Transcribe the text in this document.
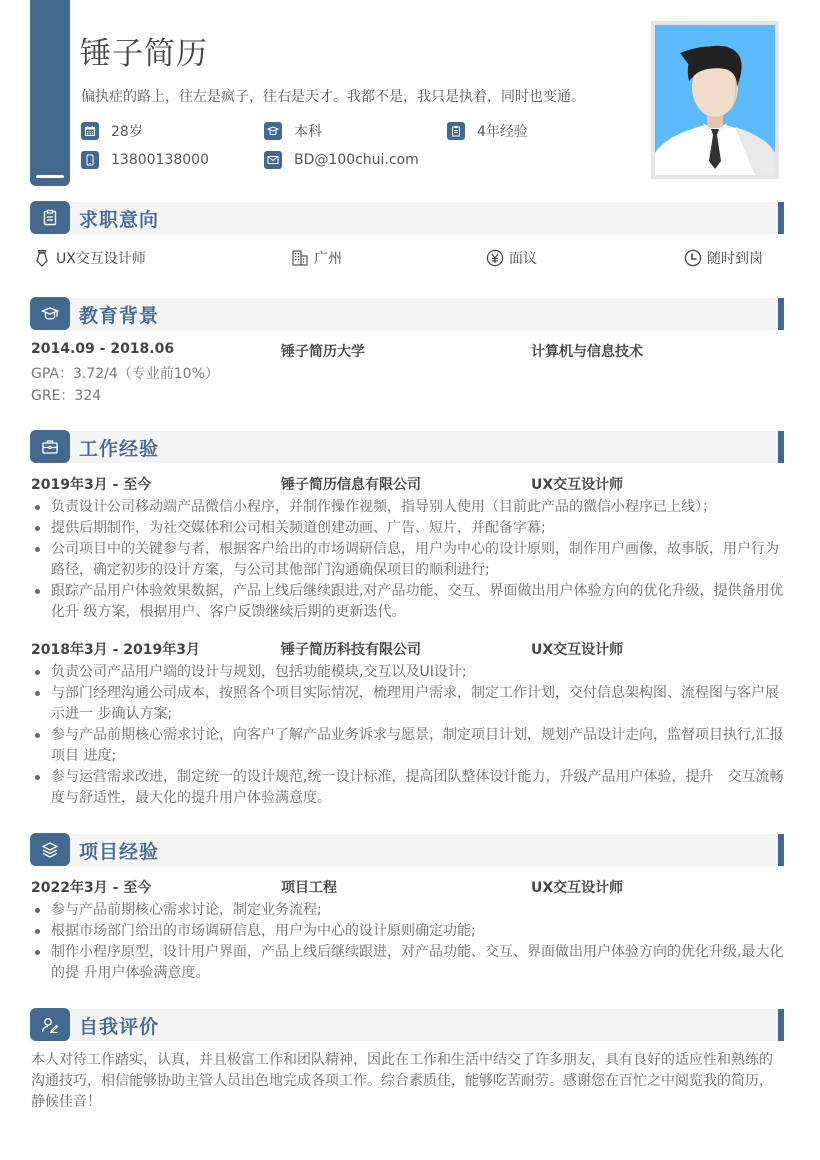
锤子简历

偏执症的路上，往左是疯子，往右是天才。我都不是，我只是执着，同时也变通。

28岁	本科	4年经验
13800138000	BD@100chui.com
求职意向
UX交互设计师	广州	面议	随时到岗
教育背景
2014.09 - 2018.06	锤子简历大学	计算机与信息技术
GPA：3.72/4（专业前10%）
GRE：324
工作经验
2019年3月 - 至今	锤子简历信息有限公司	UX交互设计师
负责设计公司移动端产品微信小程序，并制作操作视频，指导别人使用（目前此产品的微信小程序已上线）；
提供后期制作，为社交媒体和公司相关频道创建动画、广告、短片，并配备字幕;
公司项目中的关键参与者，根据客户给出的市场调研信息，用户为中心的设计原则，制作用户画像，故事版，用户行为路径，确定初步的设计方案，与公司其他部门沟通确保项目的顺利进行;
跟踪产品用户体验效果数据，产品上线后继续跟进,对产品功能、交互、界面做出用户体验方向的优化升级，提供备用优化升 级方案，根据用户、客户反馈继续后期的更新迭代。
2018年3月 - 2019年3月	锤子简历科技有限公司	UX交互设计师
负责公司产品用户端的设计与规划，包括功能模块,交互以及UI设计;
与部门经理沟通公司成本，按照各个项目实际情况，梳理用户需求，制定工作计划，交付信息架构图、流程图与客户展示进一 步确认方案;
参与产品前期核心需求讨论，向客户了解产品业务诉求与愿景，制定项目计划，规划产品设计走向，监督项目执行,汇报项目 进度;
参与运营需求改进，制定统一的设计规范,统一设计标准，提高团队整体设计能力，升级产品用户体验，提升　交互流畅度与舒适性，最大化的提升用户体验满意度。
项目经验
2022年3月 - 至今	项目工程	UX交互设计师
参与产品前期核心需求讨论，制定业务流程;
根据市场部门给出的市场调研信息，用户为中心的设计原则确定功能;
制作小程序原型，设计用户界面，产品上线后继续跟进，对产品功能、交互、界面做出用户体验方向的优化升级,最大化的提 升用户体验满意度。
自我评价

本人对待工作踏实，认真，并且极富工作和团队精神，因此在工作和生活中结交了许多朋友，具有良好的适应性和熟练的沟通技巧，相信能够协助主管人员出色地完成各项工作。综合素质佳，能够吃苦耐劳。感谢您在百忙之中阅览我的简历，静候佳音！
